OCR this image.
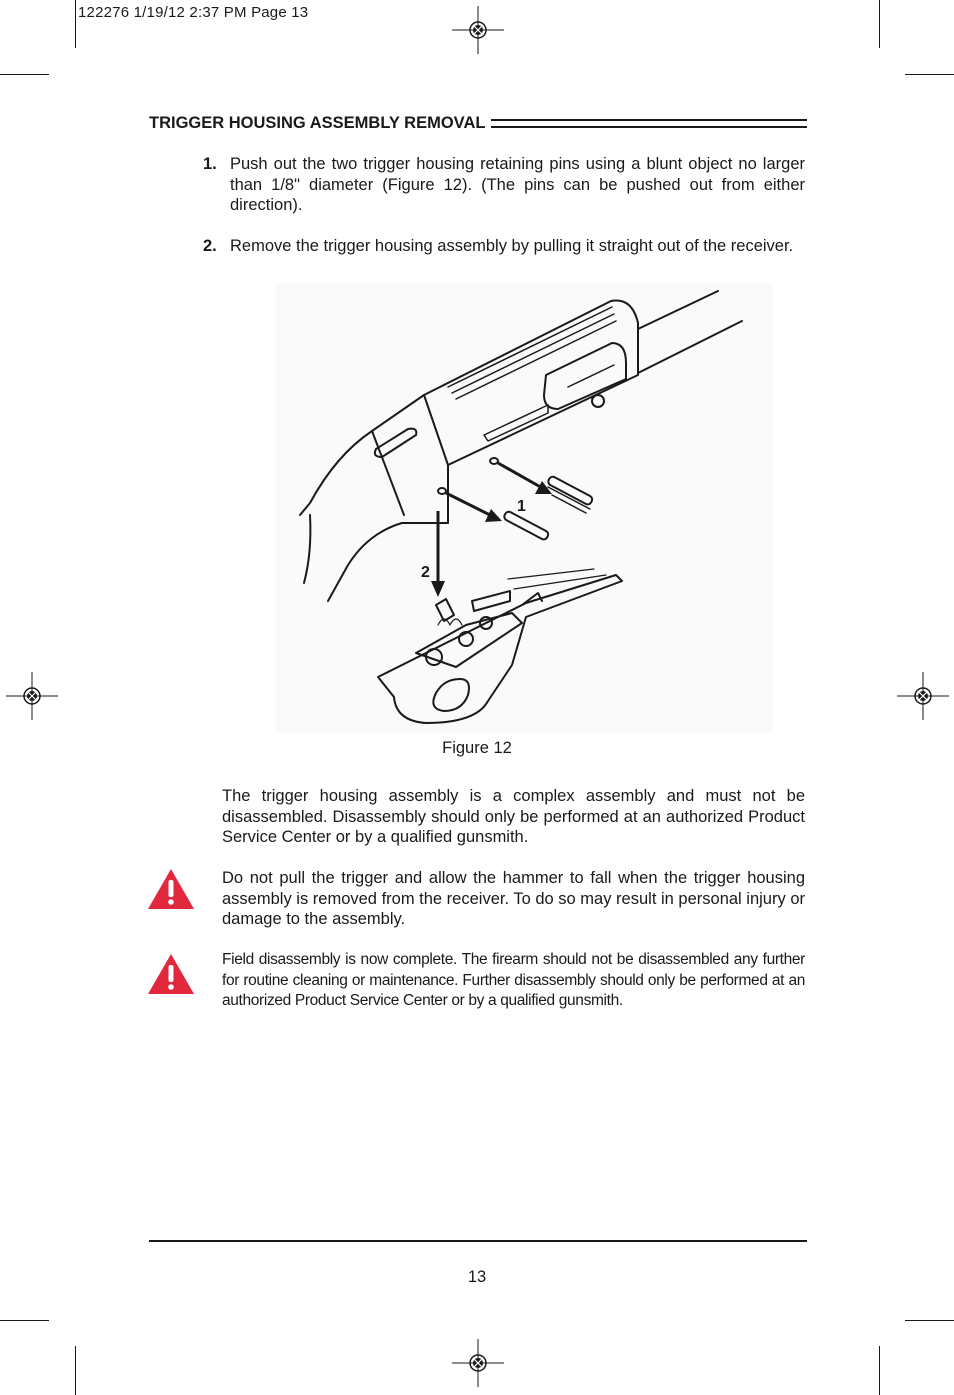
122276 1/19/12 2:37 PM Page 13
TRIGGER HOUSING ASSEMBLY REMOVAL
1. Push out the two trigger housing retaining pins using a blunt object no larger than 1/8" diameter (Figure 12). (The pins can be pushed out from either direction).
2. Remove the trigger housing assembly by pulling it straight out of the receiver.
1
2
Figure 12
The trigger housing assembly is a complex assembly and must not be disassembled. Disassembly should only be performed at an authorized Product Service Center or by a qualified gunsmith.
Do not pull the trigger and allow the hammer to fall when the trigger housing assembly is removed from the receiver. To do so may result in personal injury or damage to the assembly.
Field disassembly is now complete. The firearm should not be disassembled any further for routine cleaning or maintenance. Further disassembly should only be performed at an authorized Product Service Center or by a qualified gunsmith.
13
